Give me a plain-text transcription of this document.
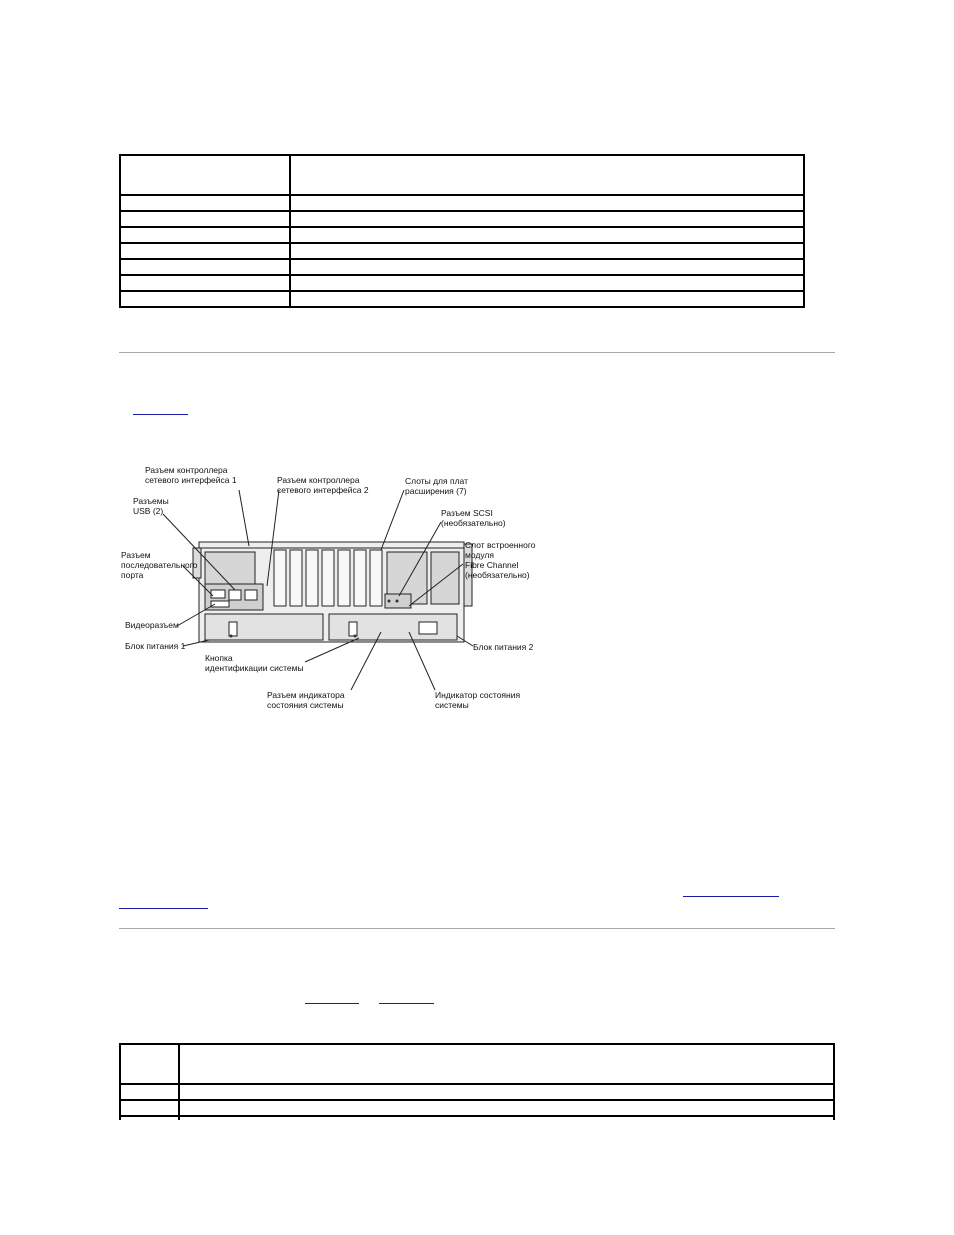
Разъем контроллера
сетевого интерфейса 1	Разъем контроллера
сетевого интерфейса 2
Слоты для плат
расширения (7)
Разъемы
USB (2)	Разъем SCSI
(необязательно)
Разъем
последовательного
порта
Слот встроенного
модуля
Fibre Channel
(необязательно)
Видеоразъем
Блок питания 1	Блок питания 2
Кнопка
идентификации системы
Разъем индикатора
состояния системы
Индикатор состояния
системы
